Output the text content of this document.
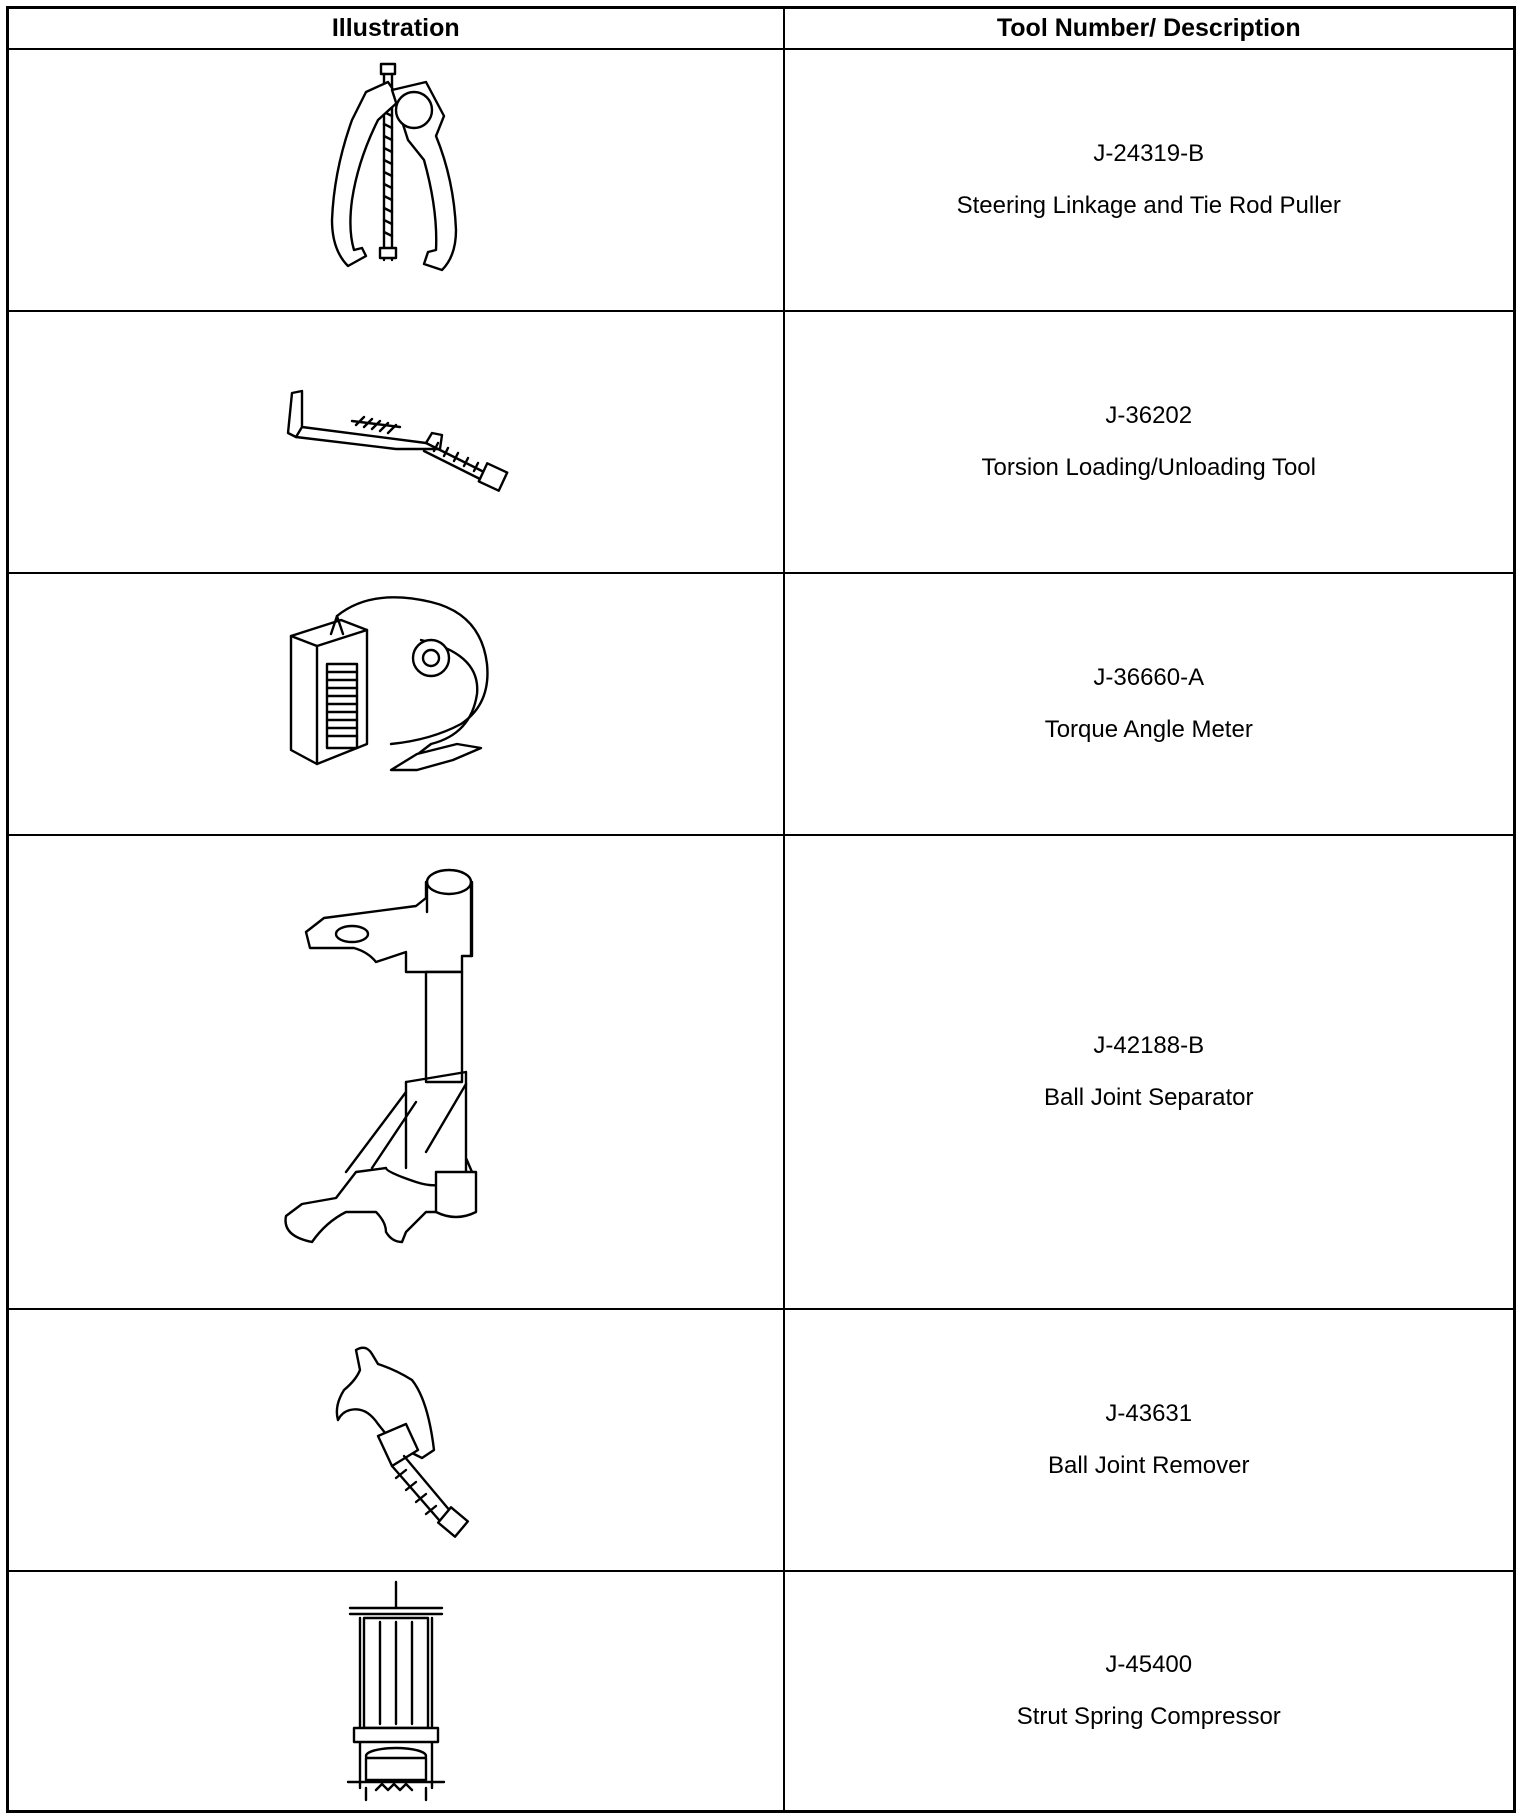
Illustration	Tool Number/ Description

J-24319-B
Steering Linkage and Tie Rod Puller

J-36202
Torsion Loading/Unloading Tool

J-36660-A
Torque Angle Meter

J-42188-B
Ball Joint Separator

J-43631
Ball Joint Remover

J-45400
Strut Spring Compressor
